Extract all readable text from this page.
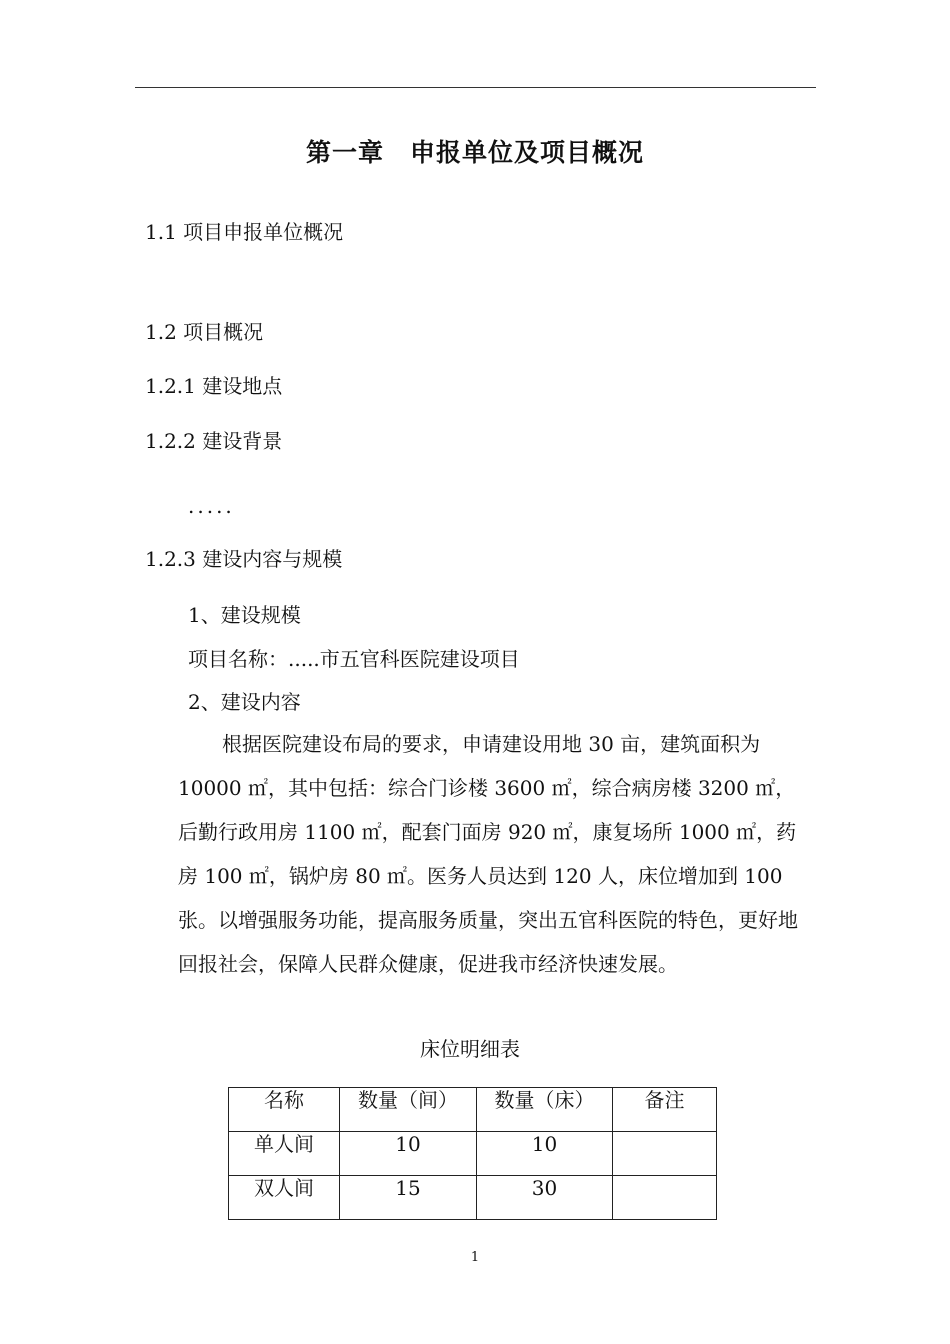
第一章　申报单位及项目概况
1.1 项目申报单位概况
1.2 项目概况
1.2.1 建设地点
1.2.2 建设背景
.....
1.2.3 建设内容与规模
1、建设规模
项目名称：.....市五官科医院建设项目
2、建设内容

根据医院建设布局的要求，申请建设用地 30 亩，建筑面积为 10000 ㎡，其中包括：综合门诊楼 3600 ㎡，综合病房楼 3200 ㎡，后勤行政用房 1100 ㎡，配套门面房 920 ㎡，康复场所 1000 ㎡，药房 100 ㎡，锅炉房 80 ㎡。医务人员达到 120 人，床位增加到 100 张。以增强服务功能，提高服务质量，突出五官科医院的特色，更好地回报社会，保障人民群众健康，促进我市经济快速发展。

床位明细表
名称	数量（间）	数量（床）	备注

单人间	10	10	

双人间	15	30	

1
